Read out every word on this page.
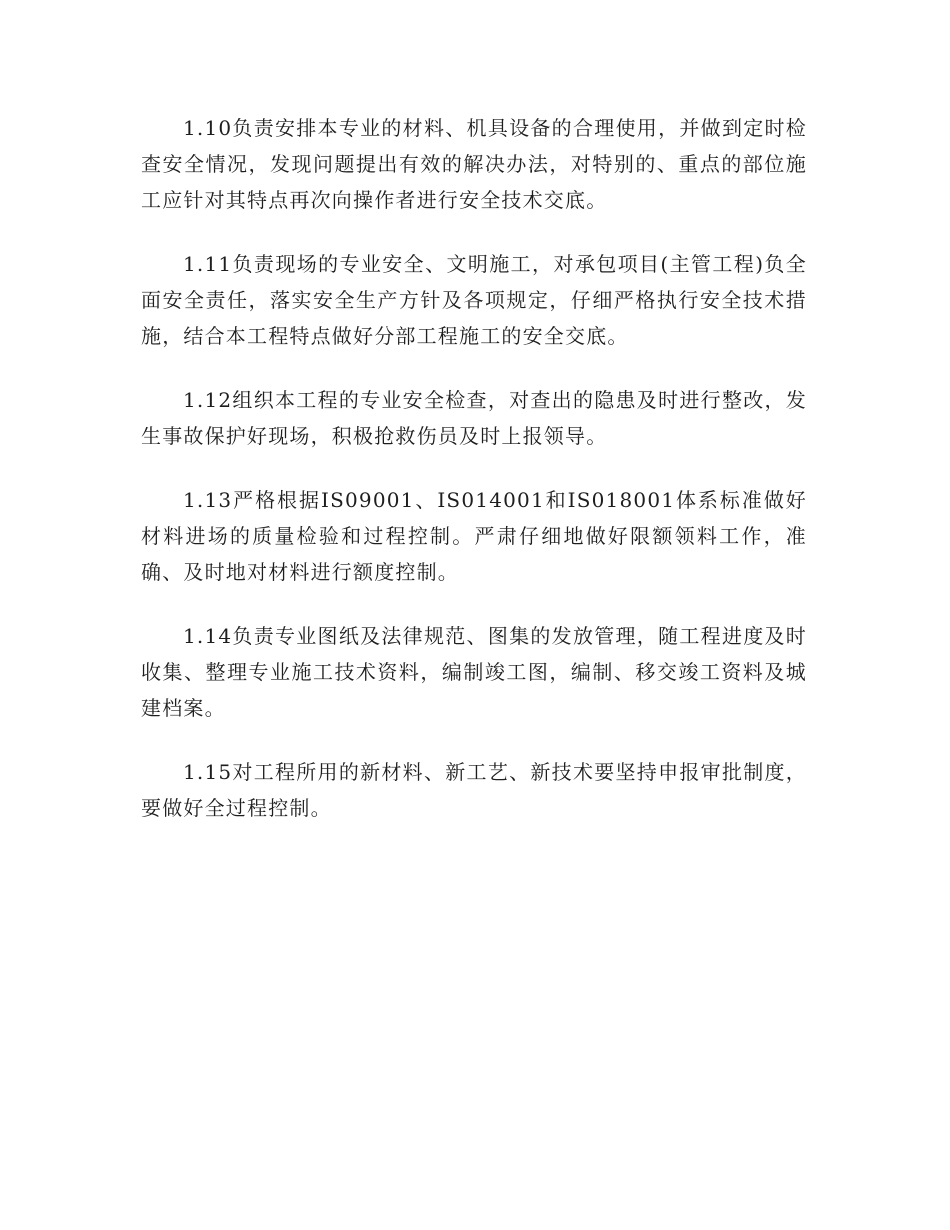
1.10负责安排本专业的材料、机具设备的合理使用，并做到定时检查安全情况，发现问题提出有效的解决办法，对特别的、重点的部位施工应针对其特点再次向操作者进行安全技术交底。

1.11负责现场的专业安全、文明施工，对承包项目(主管工程)负全面安全责任，落实安全生产方针及各项规定，仔细严格执行安全技术措施，结合本工程特点做好分部工程施工的安全交底。

1.12组织本工程的专业安全检查，对查出的隐患及时进行整改，发生事故保护好现场，积极抢救伤员及时上报领导。

1.13严格根据IS09001、IS014001和IS018001体系标准做好材料进场的质量检验和过程控制。严肃仔细地做好限额领料工作，准确、及时地对材料进行额度控制。

1.14负责专业图纸及法律规范、图集的发放管理，随工程进度及时收集、整理专业施工技术资料，编制竣工图，编制、移交竣工资料及城建档案。

1.15对工程所用的新材料、新工艺、新技术要坚持申报审批制度，要做好全过程控制。
